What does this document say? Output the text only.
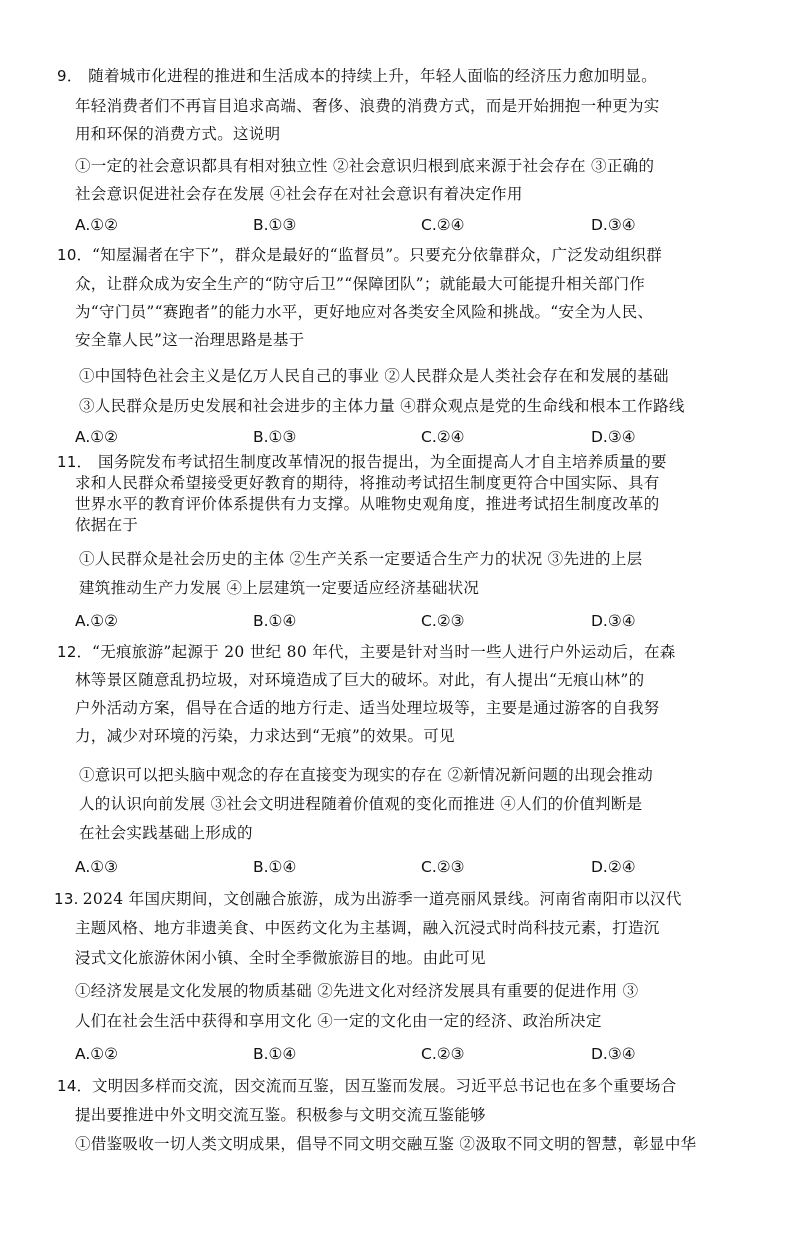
9． 随着城市化进程的推进和生活成本的持续上升，年轻人面临的经济压力愈加明显。
年轻消费者们不再盲目追求高端、奢侈、浪费的消费方式，而是开始拥抱一种更为实
用和环保的消费方式。这说明
①一定的社会意识都具有相对独立性 ②社会意识归根到底来源于社会存在 ③正确的
社会意识促进社会存在发展 ④社会存在对社会意识有着决定作用
A.①②	B.①③	C.②④	D.③④
10．“知屋漏者在宇下”，群众是最好的“监督员”。只要充分依靠群众，广泛发动组织群
众，让群众成为安全生产的“防守后卫”“保障团队”；就能最大可能提升相关部门作
为“守门员”“赛跑者”的能力水平，更好地应对各类安全风险和挑战。“安全为人民、
安全靠人民”这一治理思路是基于
①中国特色社会主义是亿万人民自己的事业 ②人民群众是人类社会存在和发展的基础
③人民群众是历史发展和社会进步的主体力量 ④群众观点是党的生命线和根本工作路线
A.①②	B.①③	C.②④	D.③④
11． 国务院发布考试招生制度改革情况的报告提出，为全面提高人才自主培养质量的要
求和人民群众希望接受更好教育的期待，将推动考试招生制度更符合中国实际、具有
世界水平的教育评价体系提供有力支撑。从唯物史观角度，推进考试招生制度改革的
依据在于
①人民群众是社会历史的主体 ②生产关系一定要适合生产力的状况 ③先进的上层
建筑推动生产力发展 ④上层建筑一定要适应经济基础状况
A.①②	B.①④	C.②③	D.③④
12．“无痕旅游”起源于 20 世纪 80 年代，主要是针对当时一些人进行户外运动后，在森
林等景区随意乱扔垃圾，对环境造成了巨大的破坏。对此，有人提出“无痕山林”的
户外活动方案，倡导在合适的地方行走、适当处理垃圾等，主要是通过游客的自我努
力，减少对环境的污染，力求达到“无痕”的效果。可见
①意识可以把头脑中观念的存在直接变为现实的存在 ②新情况新问题的出现会推动
人的认识向前发展 ③社会文明进程随着价值观的变化而推进 ④人们的价值判断是
在社会实践基础上形成的
A.①③	B.①④	C.②③	D.②④
13. 2024 年国庆期间，文创融合旅游，成为出游季一道亮丽风景线。河南省南阳市以汉代
主题风格、地方非遗美食、中医药文化为主基调，融入沉浸式时尚科技元素，打造沉
浸式文化旅游休闲小镇、全时全季微旅游目的地。由此可见
①经济发展是文化发展的物质基础 ②先进文化对经济发展具有重要的促进作用 ③
人们在社会生活中获得和享用文化 ④一定的文化由一定的经济、政治所决定
A.①②	B.①④	C.②③	D.③④
14．文明因多样而交流，因交流而互鉴，因互鉴而发展。习近平总书记也在多个重要场合
提出要推进中外文明交流互鉴。积极参与文明交流互鉴能够
①借鉴吸收一切人类文明成果，倡导不同文明交融互鉴 ②汲取不同文明的智慧，彰显中华
